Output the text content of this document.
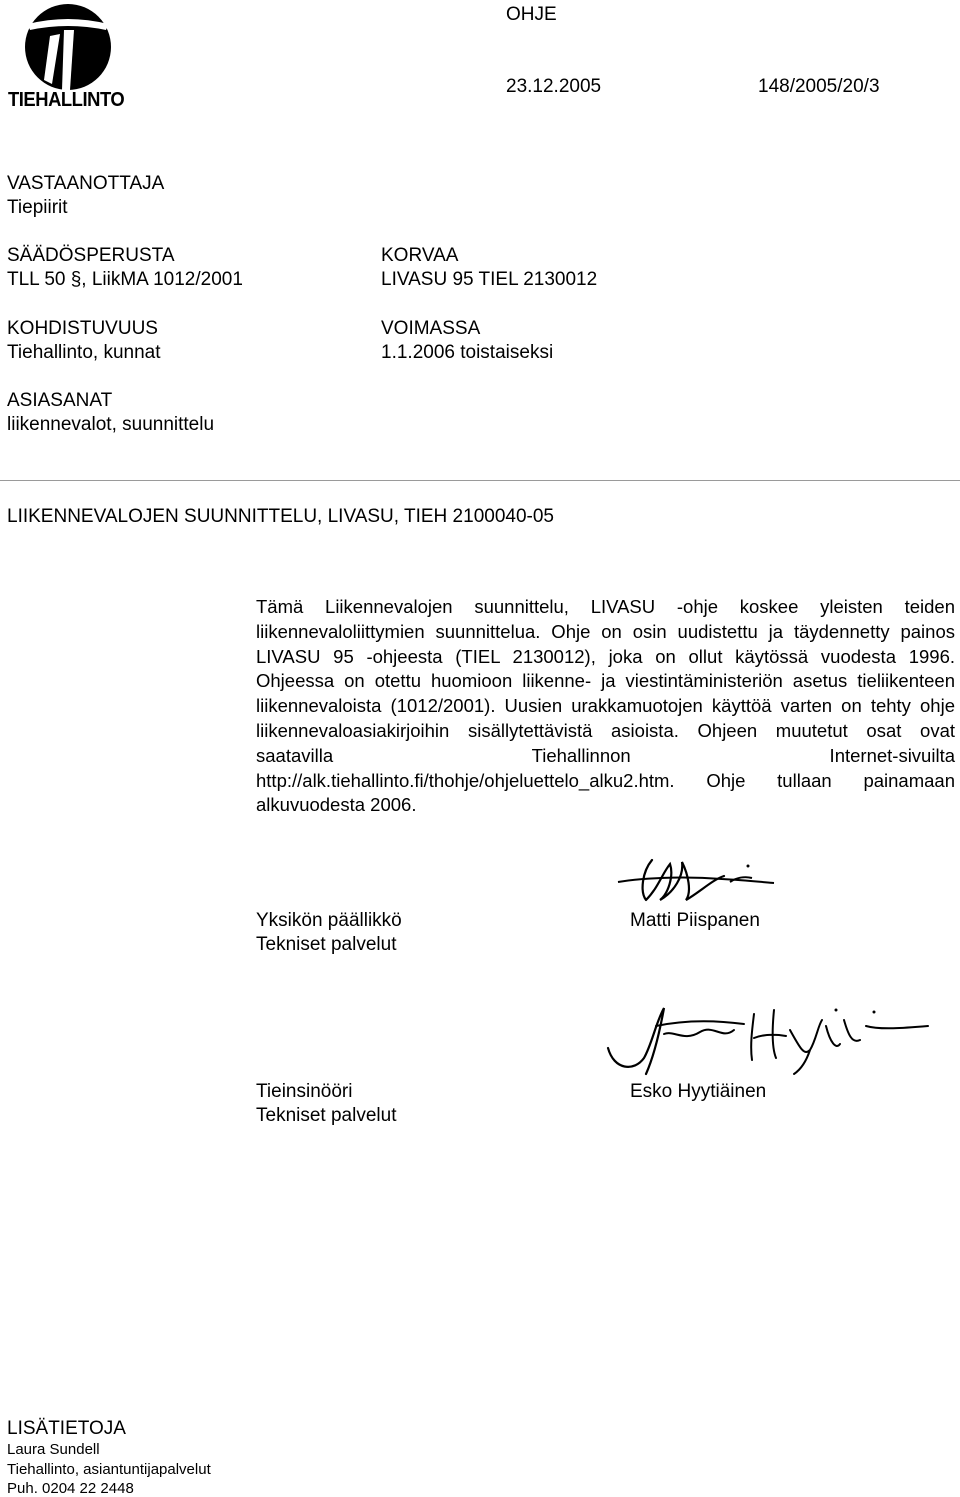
TIEHALLINTO
OHJE
23.12.2005	148/2005/20/3
VASTAANOTTAJA
Tiepiirit
SÄÄDÖSPERUSTA
TLL 50 §, LiikMA 1012/2001
KORVAA
LIVASU 95 TIEL 2130012
KOHDISTUVUUS
Tiehallinto, kunnat
VOIMASSA
1.1.2006 toistaiseksi
ASIASANAT
liikennevalot, suunnittelu
LIIKENNEVALOJEN SUUNNITTELU, LIVASU, TIEH 2100040-05
Tämä Liikennevalojen suunnittelu, LIVASU -ohje koskee yleisten teiden liikennevaloliittymien suunnittelua. Ohje on osin uudistettu ja täydennetty painos LIVASU 95 -ohjeesta (TIEL 2130012), joka on ollut käytössä vuodesta 1996. Ohjeessa on otettu huomioon liikenne- ja viestintäministeriön asetus tieliikenteen liikennevaloista (1012/2001). Uusien urakkamuotojen käyttöä varten on tehty ohje liikennevaloasiakirjoihin sisällytettävistä asioista. Ohjeen muutetut osat ovat saatavilla Tiehallinnon Internet-sivuilta http://alk.tiehallinto.fi/thohje/ohjeluettelo_alku2.htm. Ohje tullaan painamaan alkuvuodesta 2006.
Yksikön päällikkö
Tekniset palvelut
Matti Piispanen
Tieinsinööri
Tekniset palvelut
Esko Hyytiäinen
LISÄTIETOJA
Laura Sundell
Tiehallinto, asiantuntijapalvelut
Puh. 0204 22 2448
